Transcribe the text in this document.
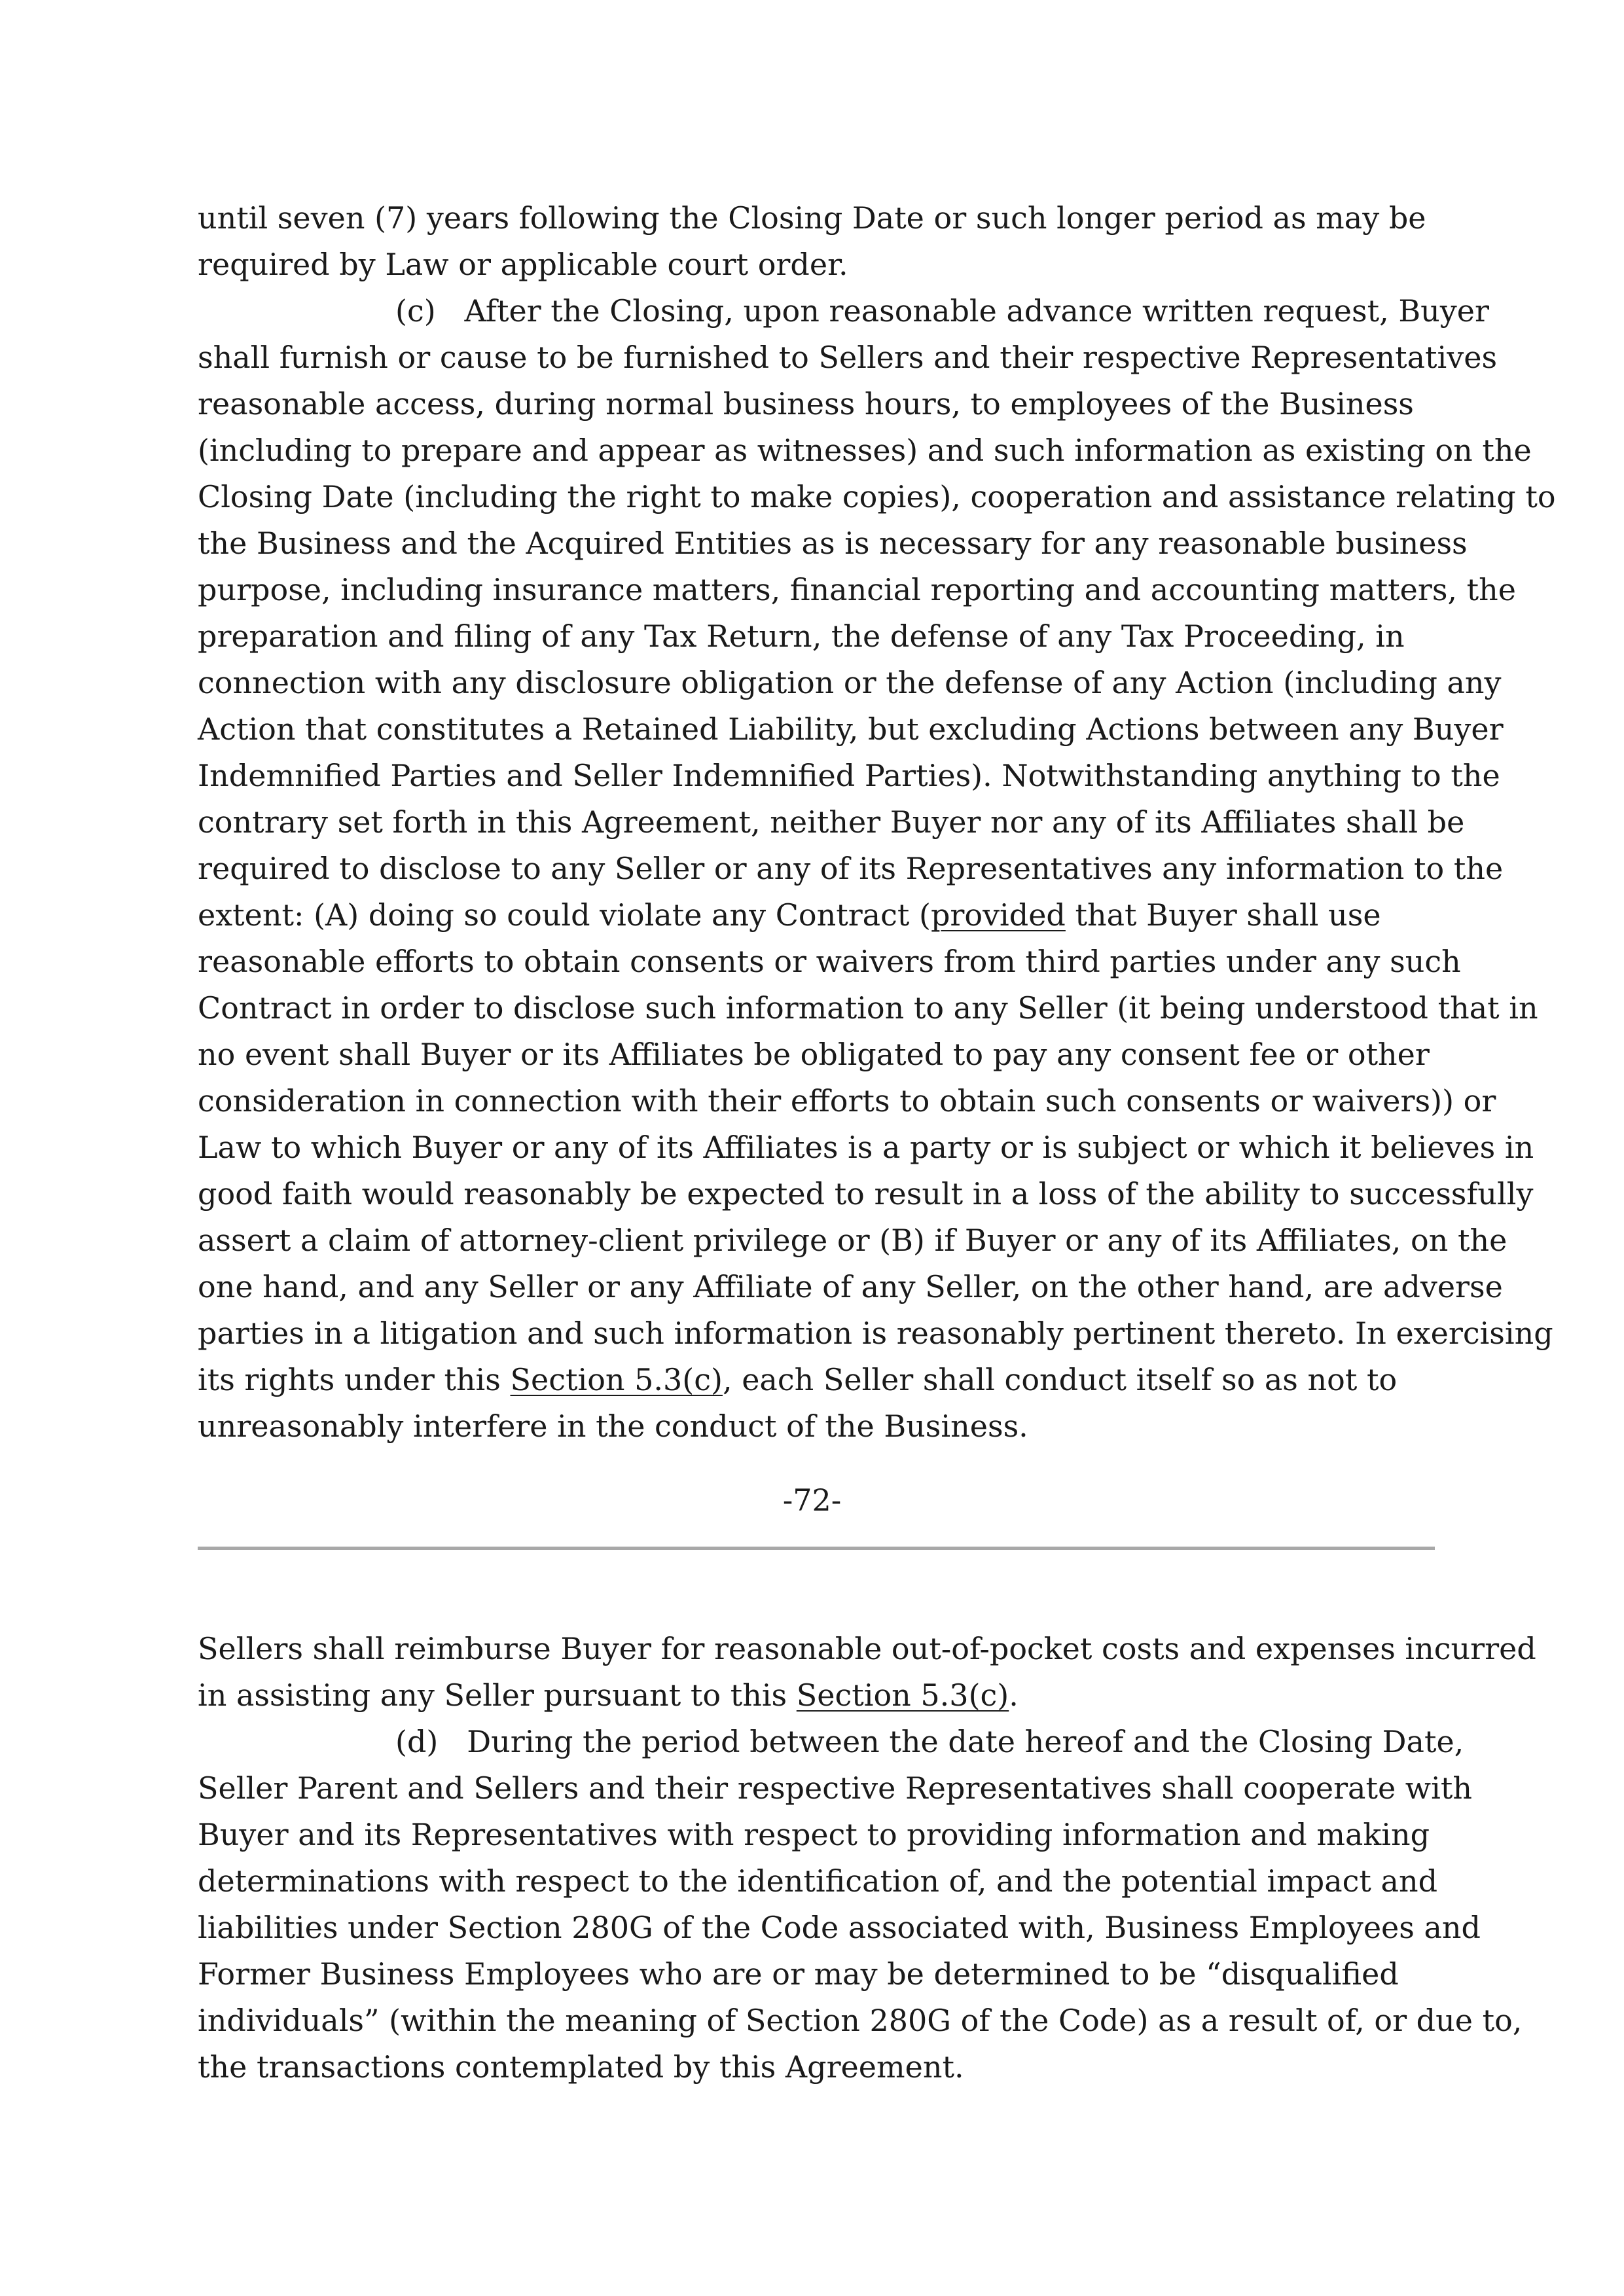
until seven (7) years following the Closing Date or such longer period as may be
required by Law or applicable court order.
(c)   After the Closing, upon reasonable advance written request, Buyer
shall furnish or cause to be furnished to Sellers and their respective Representatives
reasonable access, during normal business hours, to employees of the Business
(including to prepare and appear as witnesses) and such information as existing on the
Closing Date (including the right to make copies), cooperation and assistance relating to
the Business and the Acquired Entities as is necessary for any reasonable business
purpose, including insurance matters, financial reporting and accounting matters, the
preparation and filing of any Tax Return, the defense of any Tax Proceeding, in
connection with any disclosure obligation or the defense of any Action (including any
Action that constitutes a Retained Liability, but excluding Actions between any Buyer
Indemnified Parties and Seller Indemnified Parties). Notwithstanding anything to the
contrary set forth in this Agreement, neither Buyer nor any of its Affiliates shall be
required to disclose to any Seller or any of its Representatives any information to the
extent: (A) doing so could violate any Contract (provided that Buyer shall use
reasonable efforts to obtain consents or waivers from third parties under any such
Contract in order to disclose such information to any Seller (it being understood that in
no event shall Buyer or its Affiliates be obligated to pay any consent fee or other
consideration in connection with their efforts to obtain such consents or waivers)) or
Law to which Buyer or any of its Affiliates is a party or is subject or which it believes in
good faith would reasonably be expected to result in a loss of the ability to successfully
assert a claim of attorney-client privilege or (B) if Buyer or any of its Affiliates, on the
one hand, and any Seller or any Affiliate of any Seller, on the other hand, are adverse
parties in a litigation and such information is reasonably pertinent thereto. In exercising
its rights under this Section 5.3(c), each Seller shall conduct itself so as not to
unreasonably interfere in the conduct of the Business.
-72-
Sellers shall reimburse Buyer for reasonable out-of-pocket costs and expenses incurred
in assisting any Seller pursuant to this Section 5.3(c).
(d)   During the period between the date hereof and the Closing Date,
Seller Parent and Sellers and their respective Representatives shall cooperate with
Buyer and its Representatives with respect to providing information and making
determinations with respect to the identification of, and the potential impact and
liabilities under Section 280G of the Code associated with, Business Employees and
Former Business Employees who are or may be determined to be “disqualified
individuals” (within the meaning of Section 280G of the Code) as a result of, or due to,
the transactions contemplated by this Agreement.
